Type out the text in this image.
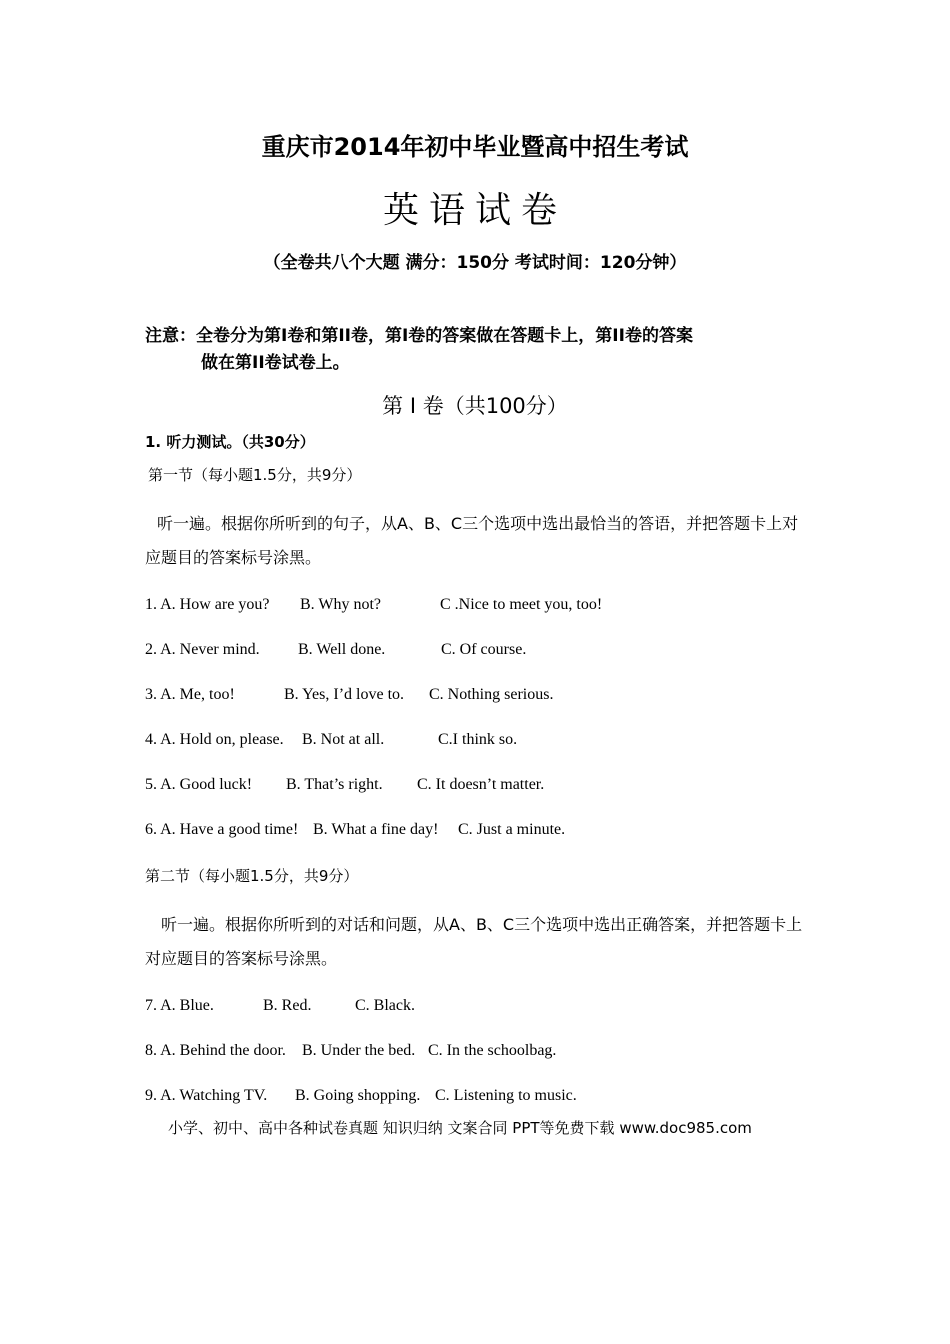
重庆市2014年初中毕业暨高中招生考试
英语试卷
（全卷共八个大题 满分：150分 考试时间：120分钟）
注意：全卷分为第I卷和第II卷，第I卷的答案做在答题卡上，第II卷的答案
做在第II卷试卷上。
第 Ⅰ 卷（共100分）
1. 听力测试。（共30分）
第一节（每小题1.5分，共9分）
听一遍。根据你所听到的句子，从A、B、C三个选项中选出最恰当的答语，并把答题卡上对应题目的答案标号涂黑。
1. A. How are you? B. Why not?	C .Nice to meet you, too!
2. A. Never mind. B. Well done.	C. Of course.
3. A. Me, too!	B. Yes, I’d love to. C. Nothing serious.
4. A. Hold on, please. B. Not at all.	C.I think so.
5. A. Good luck! B. That’s right. C. It doesn’t matter.
6. A. Have a good time! B. What a fine day! C. Just a minute.
第二节（每小题1.5分，共9分）
听一遍。根据你所听到的对话和问题，从A、B、C三个选项中选出正确答案，并把答题卡上对应题目的答案标号涂黑。
7. A. Blue.	B. Red.	C. Black.
8. A. Behind the door. B. Under the bed. C. In the schoolbag.
9. A. Watching TV. B. Going shopping. C. Listening to music.
小学、初中、高中各种试卷真题 知识归纳 文案合同 PPT等免费下载 www.doc985.com
